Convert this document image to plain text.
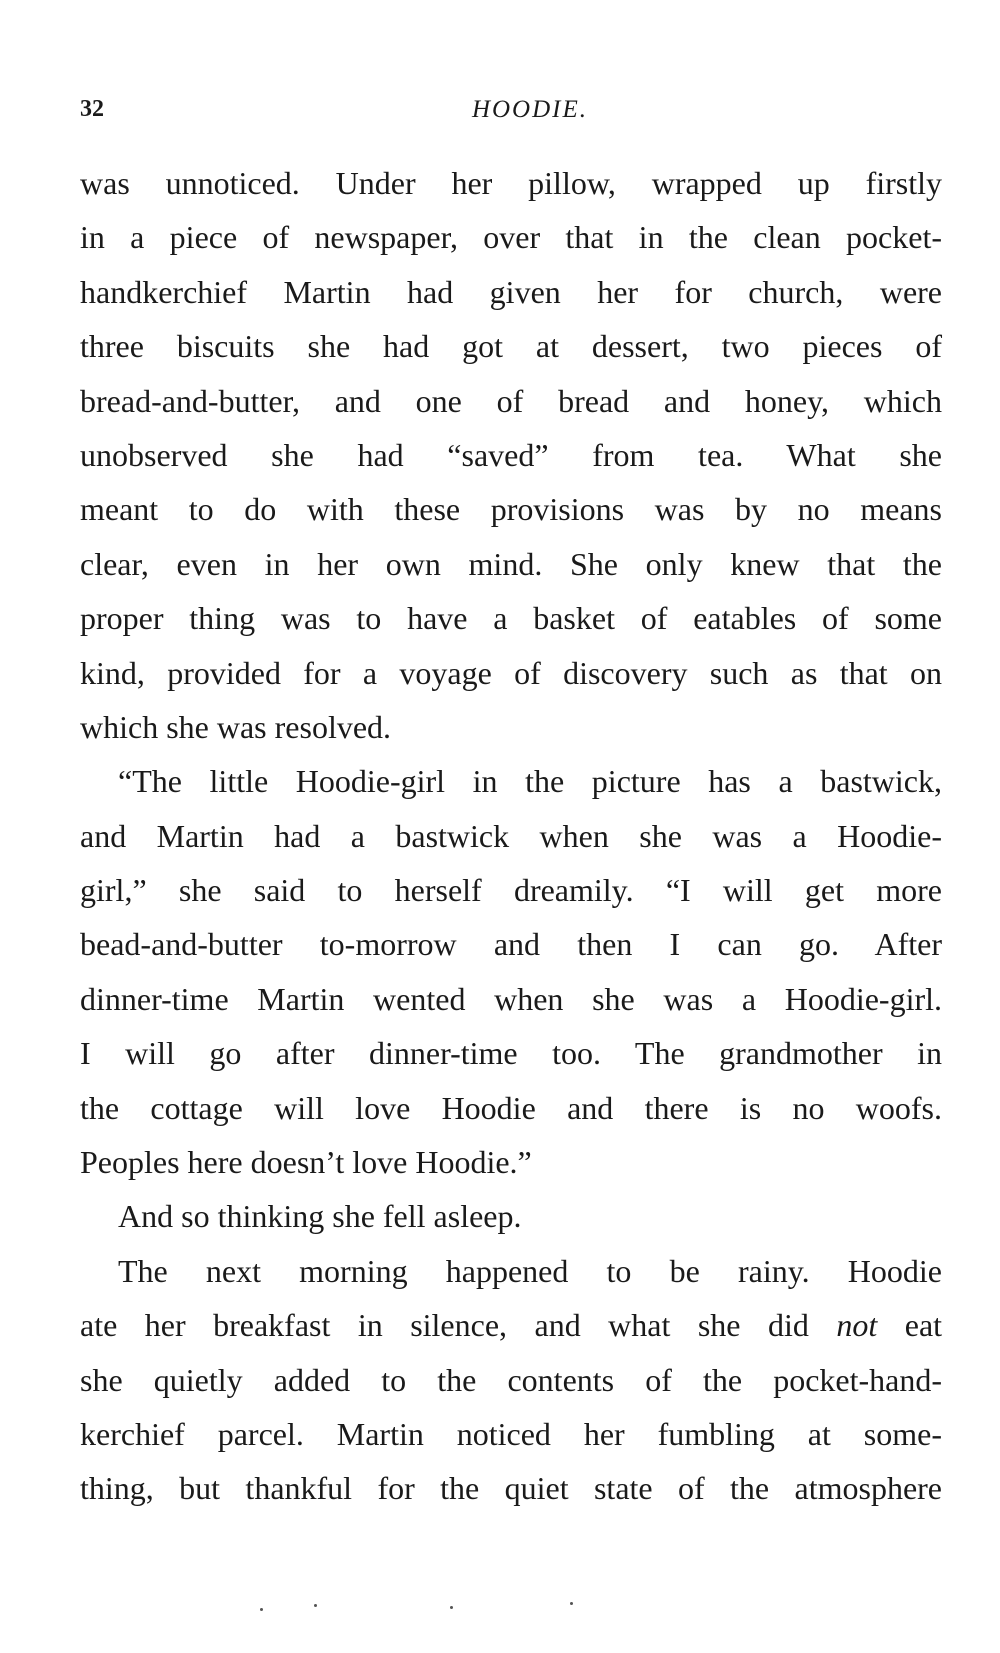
32	HOODIE.
was unnoticed. Under her pillow, wrapped up firstly
in a piece of newspaper, over that in the clean pocket-
handkerchief Martin had given her for church, were
three biscuits she had got at dessert, two pieces of
bread-and-butter, and one of bread and honey, which
unobserved she had “saved” from tea. What she
meant to do with these provisions was by no means
clear, even in her own mind. She only knew that the
proper thing was to have a basket of eatables of some
kind, provided for a voyage of discovery such as that on
which she was resolved.
“The little Hoodie-girl in the picture has a bastwick,
and Martin had a bastwick when she was a Hoodie-
girl,” she said to herself dreamily. “I will get more
bead-and-butter to-morrow and then I can go. After
dinner-time Martin wented when she was a Hoodie-girl.
I will go after dinner-time too. The grandmother in
the cottage will love Hoodie and there is no woofs.
Peoples here doesn’t love Hoodie.”
And so thinking she fell asleep.
The next morning happened to be rainy. Hoodie
ate her breakfast in silence, and what she did not eat
she quietly added to the contents of the pocket-hand-
kerchief parcel. Martin noticed her fumbling at some-
thing, but thankful for the quiet state of the atmosphere
